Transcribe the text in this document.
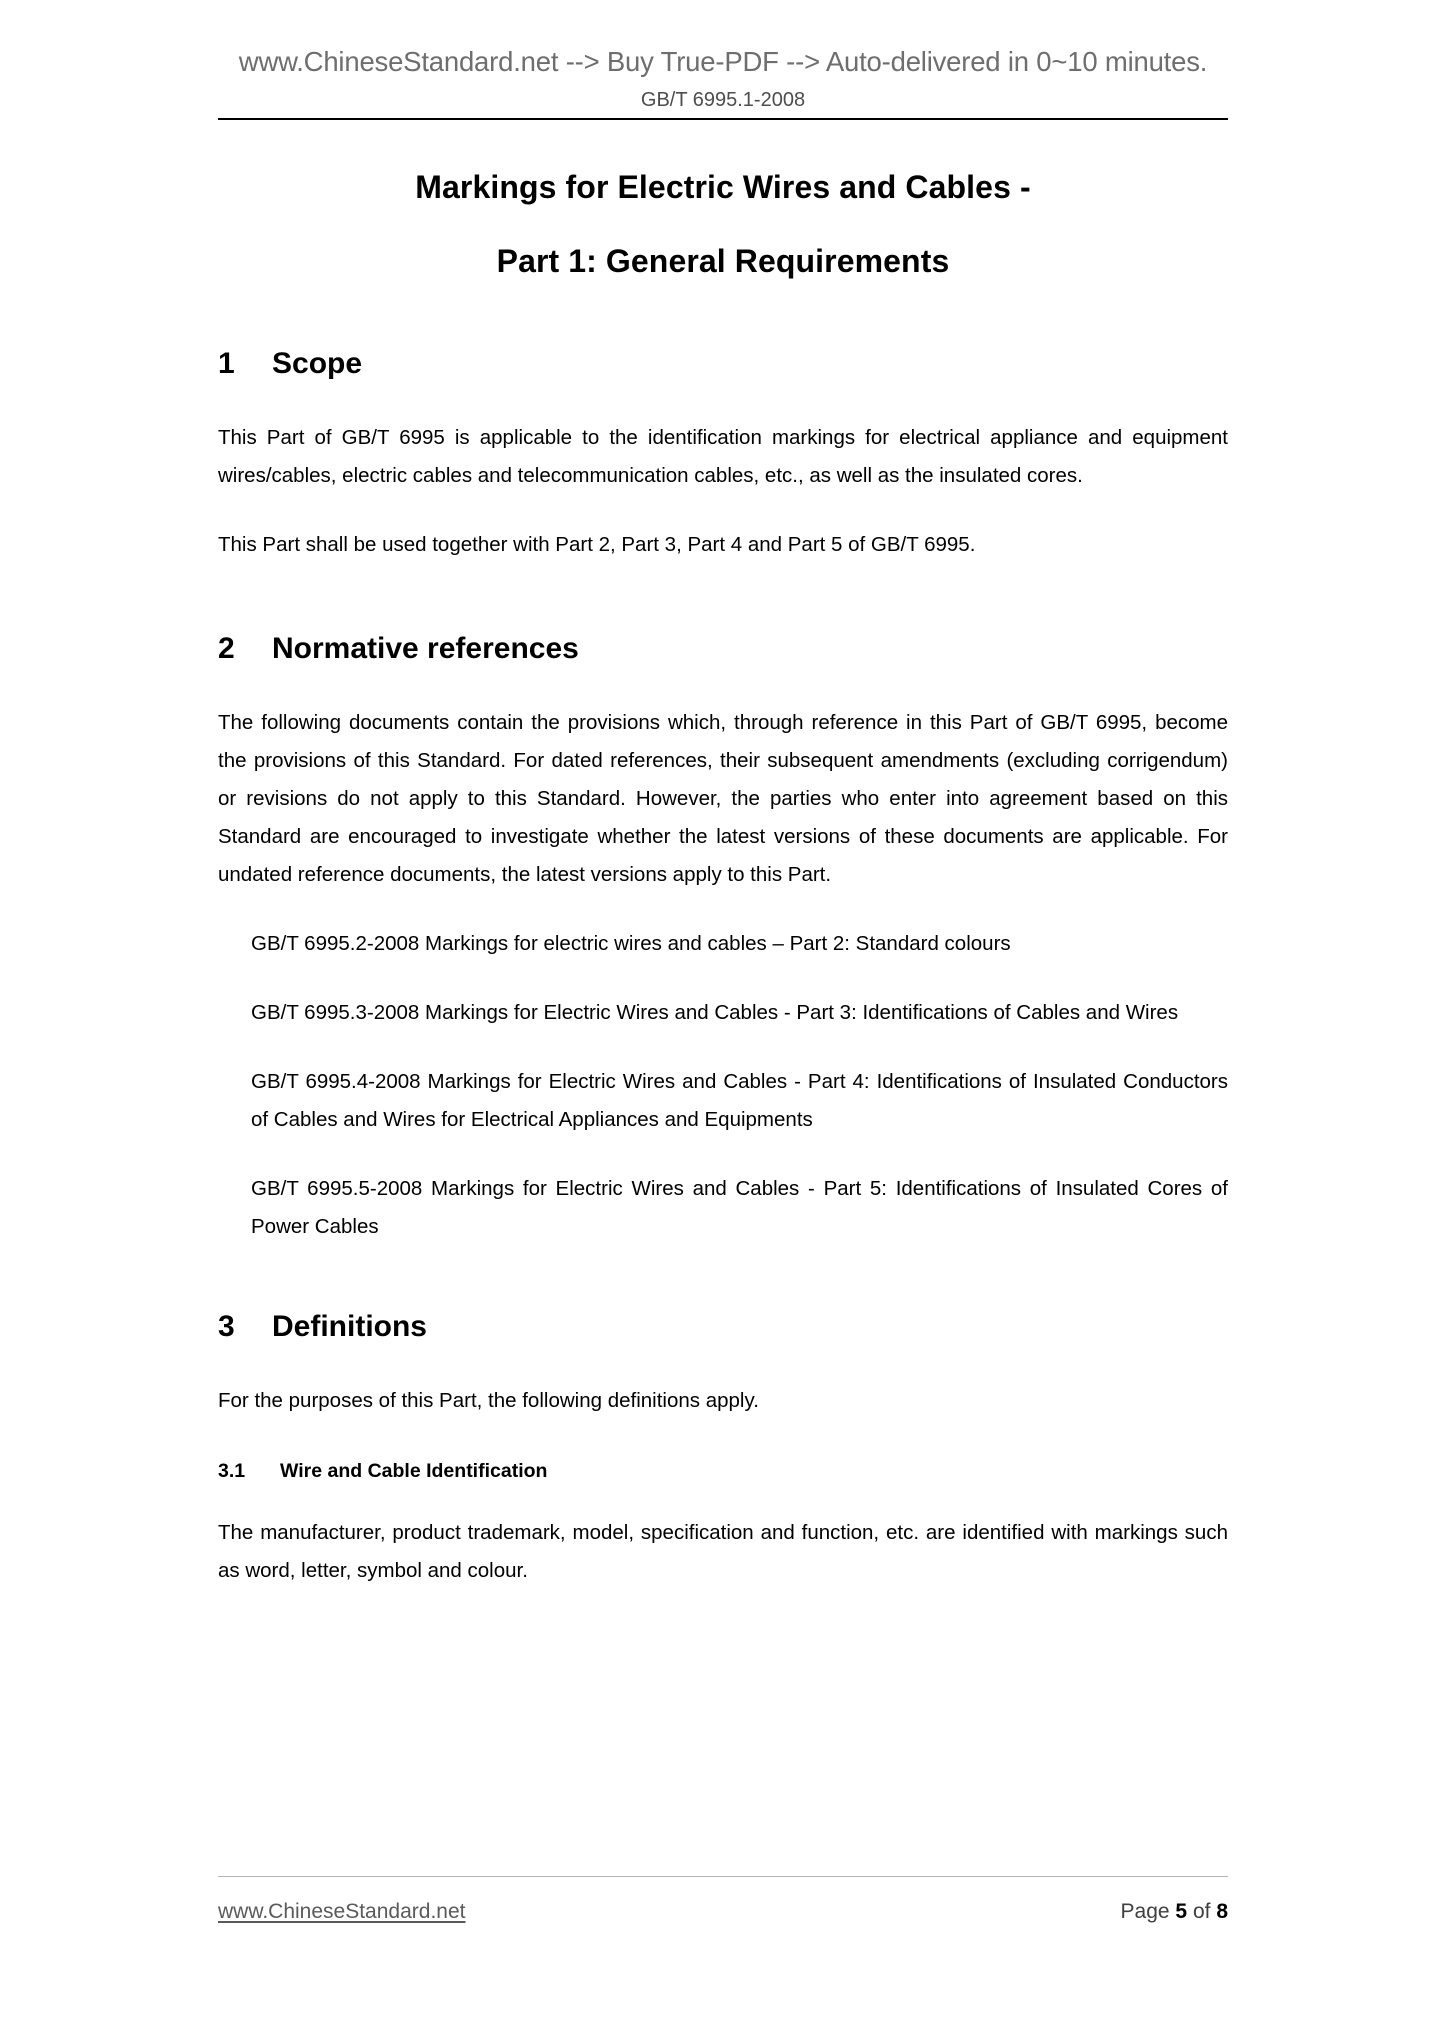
www.ChineseStandard.net --> Buy True-PDF --> Auto-delivered in 0~10 minutes.
GB/T 6995.1-2008
Markings for Electric Wires and Cables -
Part 1: General Requirements
1	Scope

This Part of GB/T 6995 is applicable to the identification markings for electrical appliance and equipment wires/cables, electric cables and telecommunication cables, etc., as well as the insulated cores.

This Part shall be used together with Part 2, Part 3, Part 4 and Part 5 of GB/T 6995.

2	Normative references

The following documents contain the provisions which, through reference in this Part of GB/T 6995, become the provisions of this Standard. For dated references, their subsequent amendments (excluding corrigendum) or revisions do not apply to this Standard. However, the parties who enter into agreement based on this Standard are encouraged to investigate whether the latest versions of these documents are applicable. For undated reference documents, the latest versions apply to this Part.

GB/T 6995.2-2008 Markings for electric wires and cables – Part 2: Standard colours

GB/T 6995.3-2008 Markings for Electric Wires and Cables - Part 3: Identifications of Cables and Wires

GB/T 6995.4-2008 Markings for Electric Wires and Cables - Part 4: Identifications of Insulated Conductors of Cables and Wires for Electrical Appliances and Equipments

GB/T 6995.5-2008 Markings for Electric Wires and Cables - Part 5: Identifications of Insulated Cores of Power Cables

3	Definitions

For the purposes of this Part, the following definitions apply.

3.1	Wire and Cable Identification

The manufacturer, product trademark, model, specification and function, etc. are identified with markings such as word, letter, symbol and colour.

www.ChineseStandard.net	Page 5 of 8
